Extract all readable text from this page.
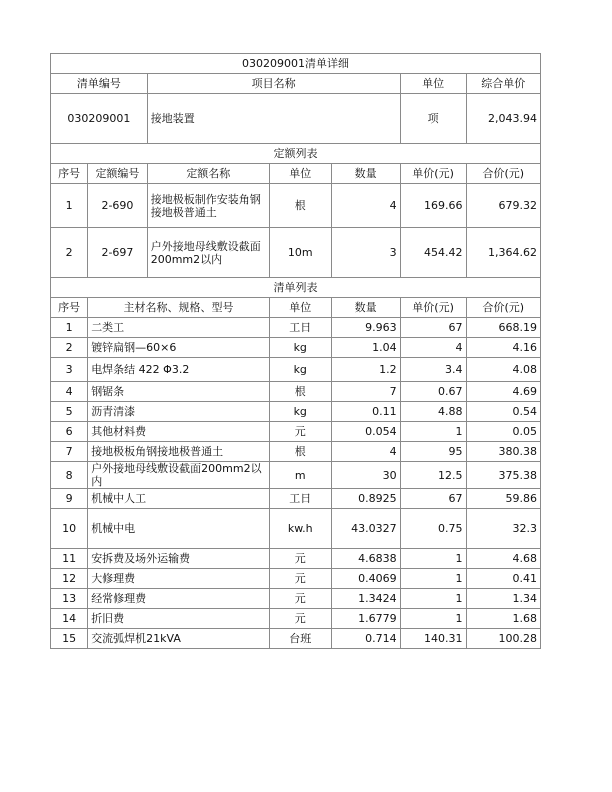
030209001清单详细						
清单编号		项目名称			单位	综合单价
030209001		接地装置			项	2,043.94
定额列表						
序号	定额编号	定额名称	单位	数量	单价(元)	合价(元)
1	2-690	接地极板制作安装角钢接地极普通土	根	4	169.66	679.32
2	2-697	户外接地母线敷设截面200mm2以内	10m	3	454.42	1,364.62
清单列表						
序号	主材名称、规格、型号		单位	数量	单价(元)	合价(元)
1	二类工		工日	9.963	67	668.19
2	镀锌扁钢—60×6		kg	1.04	4	4.16
3	电焊条结 422 Φ3.2		kg	1.2	3.4	4.08
4	钢锯条		根	7	0.67	4.69
5	沥青清漆		kg	0.11	4.88	0.54
6	其他材料费		元	0.054	1	0.05
7	接地极板角钢接地极普通土		根	4	95	380.38
8	户外接地母线敷设截面200mm2以内		m	30	12.5	375.38
9	机械中人工		工日	0.8925	67	59.86
10	机械中电		kw.h	43.0327	0.75	32.3
11	安拆费及场外运输费		元	4.6838	1	4.68
12	大修理费		元	0.4069	1	0.41
13	经常修理费		元	1.3424	1	1.34
14	折旧费		元	1.6779	1	1.68
15	交流弧焊机21kVA		台班	0.714	140.31	100.28
